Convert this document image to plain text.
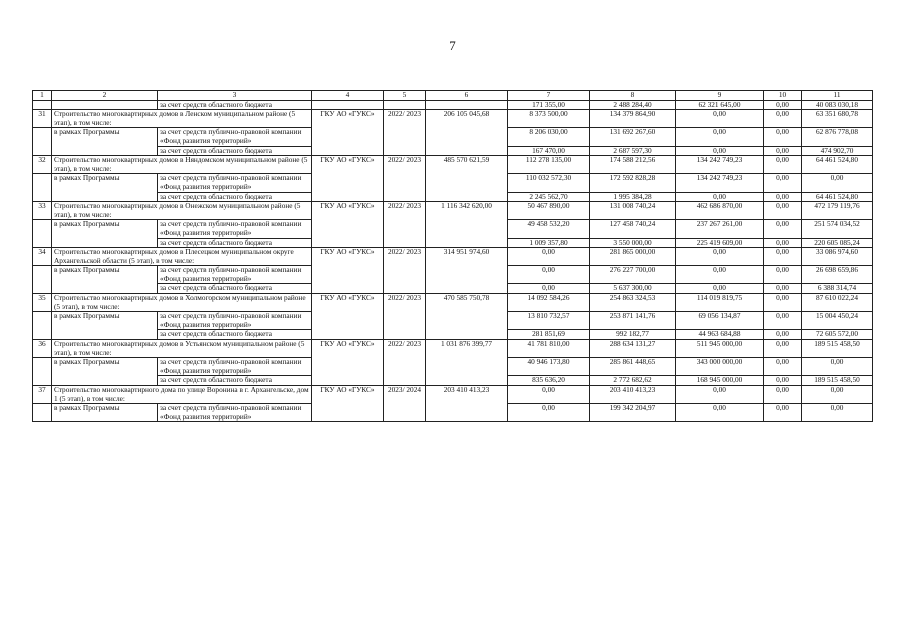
7
1	2	3	4	5	6	7	8	9	10	11
		за счет средств областного бюджета				171 355,00	2 488 284,40	62 321 645,00	0,00	40 083 030,18
31	Строительство многоквартирных домов в Ленском муниципальном районе (5 этап), в том числе:		ГКУ АО «ГУКС»	2022/ 2023	206 105 045,68	8 373 500,00	134 379 864,90	0,00	0,00	63 351 680,78
	в рамках Программы	за счет средств публично-правовой компании «Фонд развития территорий»				8 206 030,00	131 692 267,60	0,00	0,00	62 876 778,08
		за счет средств областного бюджета				167 470,00	2 687 597,30	0,00	0,00	474 902,70
32	Строительство многоквартирных домов в Няндомском муниципальном районе (5 этап), в том числе:		ГКУ АО «ГУКС»	2022/ 2023	485 570 621,59	112 278 135,00	174 588 212,56	134 242 749,23	0,00	64 461 524,80
	в рамках Программы	за счет средств публично-правовой компании «Фонд развития территорий»				110 032 572,30	172 592 828,28	134 242 749,23	0,00	0,00
		за счет средств областного бюджета				2 245 562,70	1 995 384,28	0,00	0,00	64 461 524,80
33	Строительство многоквартирных домов в Онежском муниципальном районе (5 этап), в том числе:		ГКУ АО «ГУКС»	2022/ 2023	1 116 342 620,00	50 467 890,00	131 008 740,24	462 686 870,00	0,00	472 179 119,76
	в рамках Программы	за счет средств публично-правовой компании «Фонд развития территорий»				49 458 532,20	127 458 740,24	237 267 261,00	0,00	251 574 034,52
		за счет средств областного бюджета				1 009 357,80	3 550 000,00	225 419 609,00	0,00	220 605 085,24
34	Строительство многоквартирных домов в Плесецком муниципальном округе Архангельской области (5 этап), в том числе:		ГКУ АО «ГУКС»	2022/ 2023	314 951 974,60	0,00	281 865 000,00	0,00	0,00	33 086 974,60
	в рамках Программы	за счет средств публично-правовой компании «Фонд развития территорий»				0,00	276 227 700,00	0,00	0,00	26 698 659,86
		за счет средств областного бюджета				0,00	5 637 300,00	0,00	0,00	6 388 314,74
35	Строительство многоквартирных домов в Холмогорском муниципальном районе (5 этап), в том числе:		ГКУ АО «ГУКС»	2022/ 2023	470 585 750,78	14 092 584,26	254 863 324,53	114 019 819,75	0,00	87 610 022,24
	в рамках Программы	за счет средств публично-правовой компании «Фонд развития территорий»				13 810 732,57	253 871 141,76	69 056 134,87	0,00	15 004 450,24
		за счет средств областного бюджета				281 851,69	992 182,77	44 963 684,88	0,00	72 605 572,00
36	Строительство многоквартирных домов в Устьянском муниципальном районе (5 этап), в том числе:		ГКУ АО «ГУКС»	2022/ 2023	1 031 876 399,77	41 781 810,00	288 634 131,27	511 945 000,00	0,00	189 515 458,50
	в рамках Программы	за счет средств публично-правовой компании «Фонд развития территорий»				40 946 173,80	285 861 448,65	343 000 000,00	0,00	0,00
		за счет средств областного бюджета				835 636,20	2 772 682,62	168 945 000,00	0,00	189 515 458,50
37	Строительство многоквартирного дома по улице Воронина в г. Архангельске, дом 1 (5 этап), в том числе:		ГКУ АО «ГУКС»	2023/ 2024	203 410 413,23	0,00	203 410 413,23	0,00	0,00	0,00
	в рамках Программы	за счет средств публично-правовой компании «Фонд развития территорий»				0,00	199 342 204,97	0,00	0,00	0,00
